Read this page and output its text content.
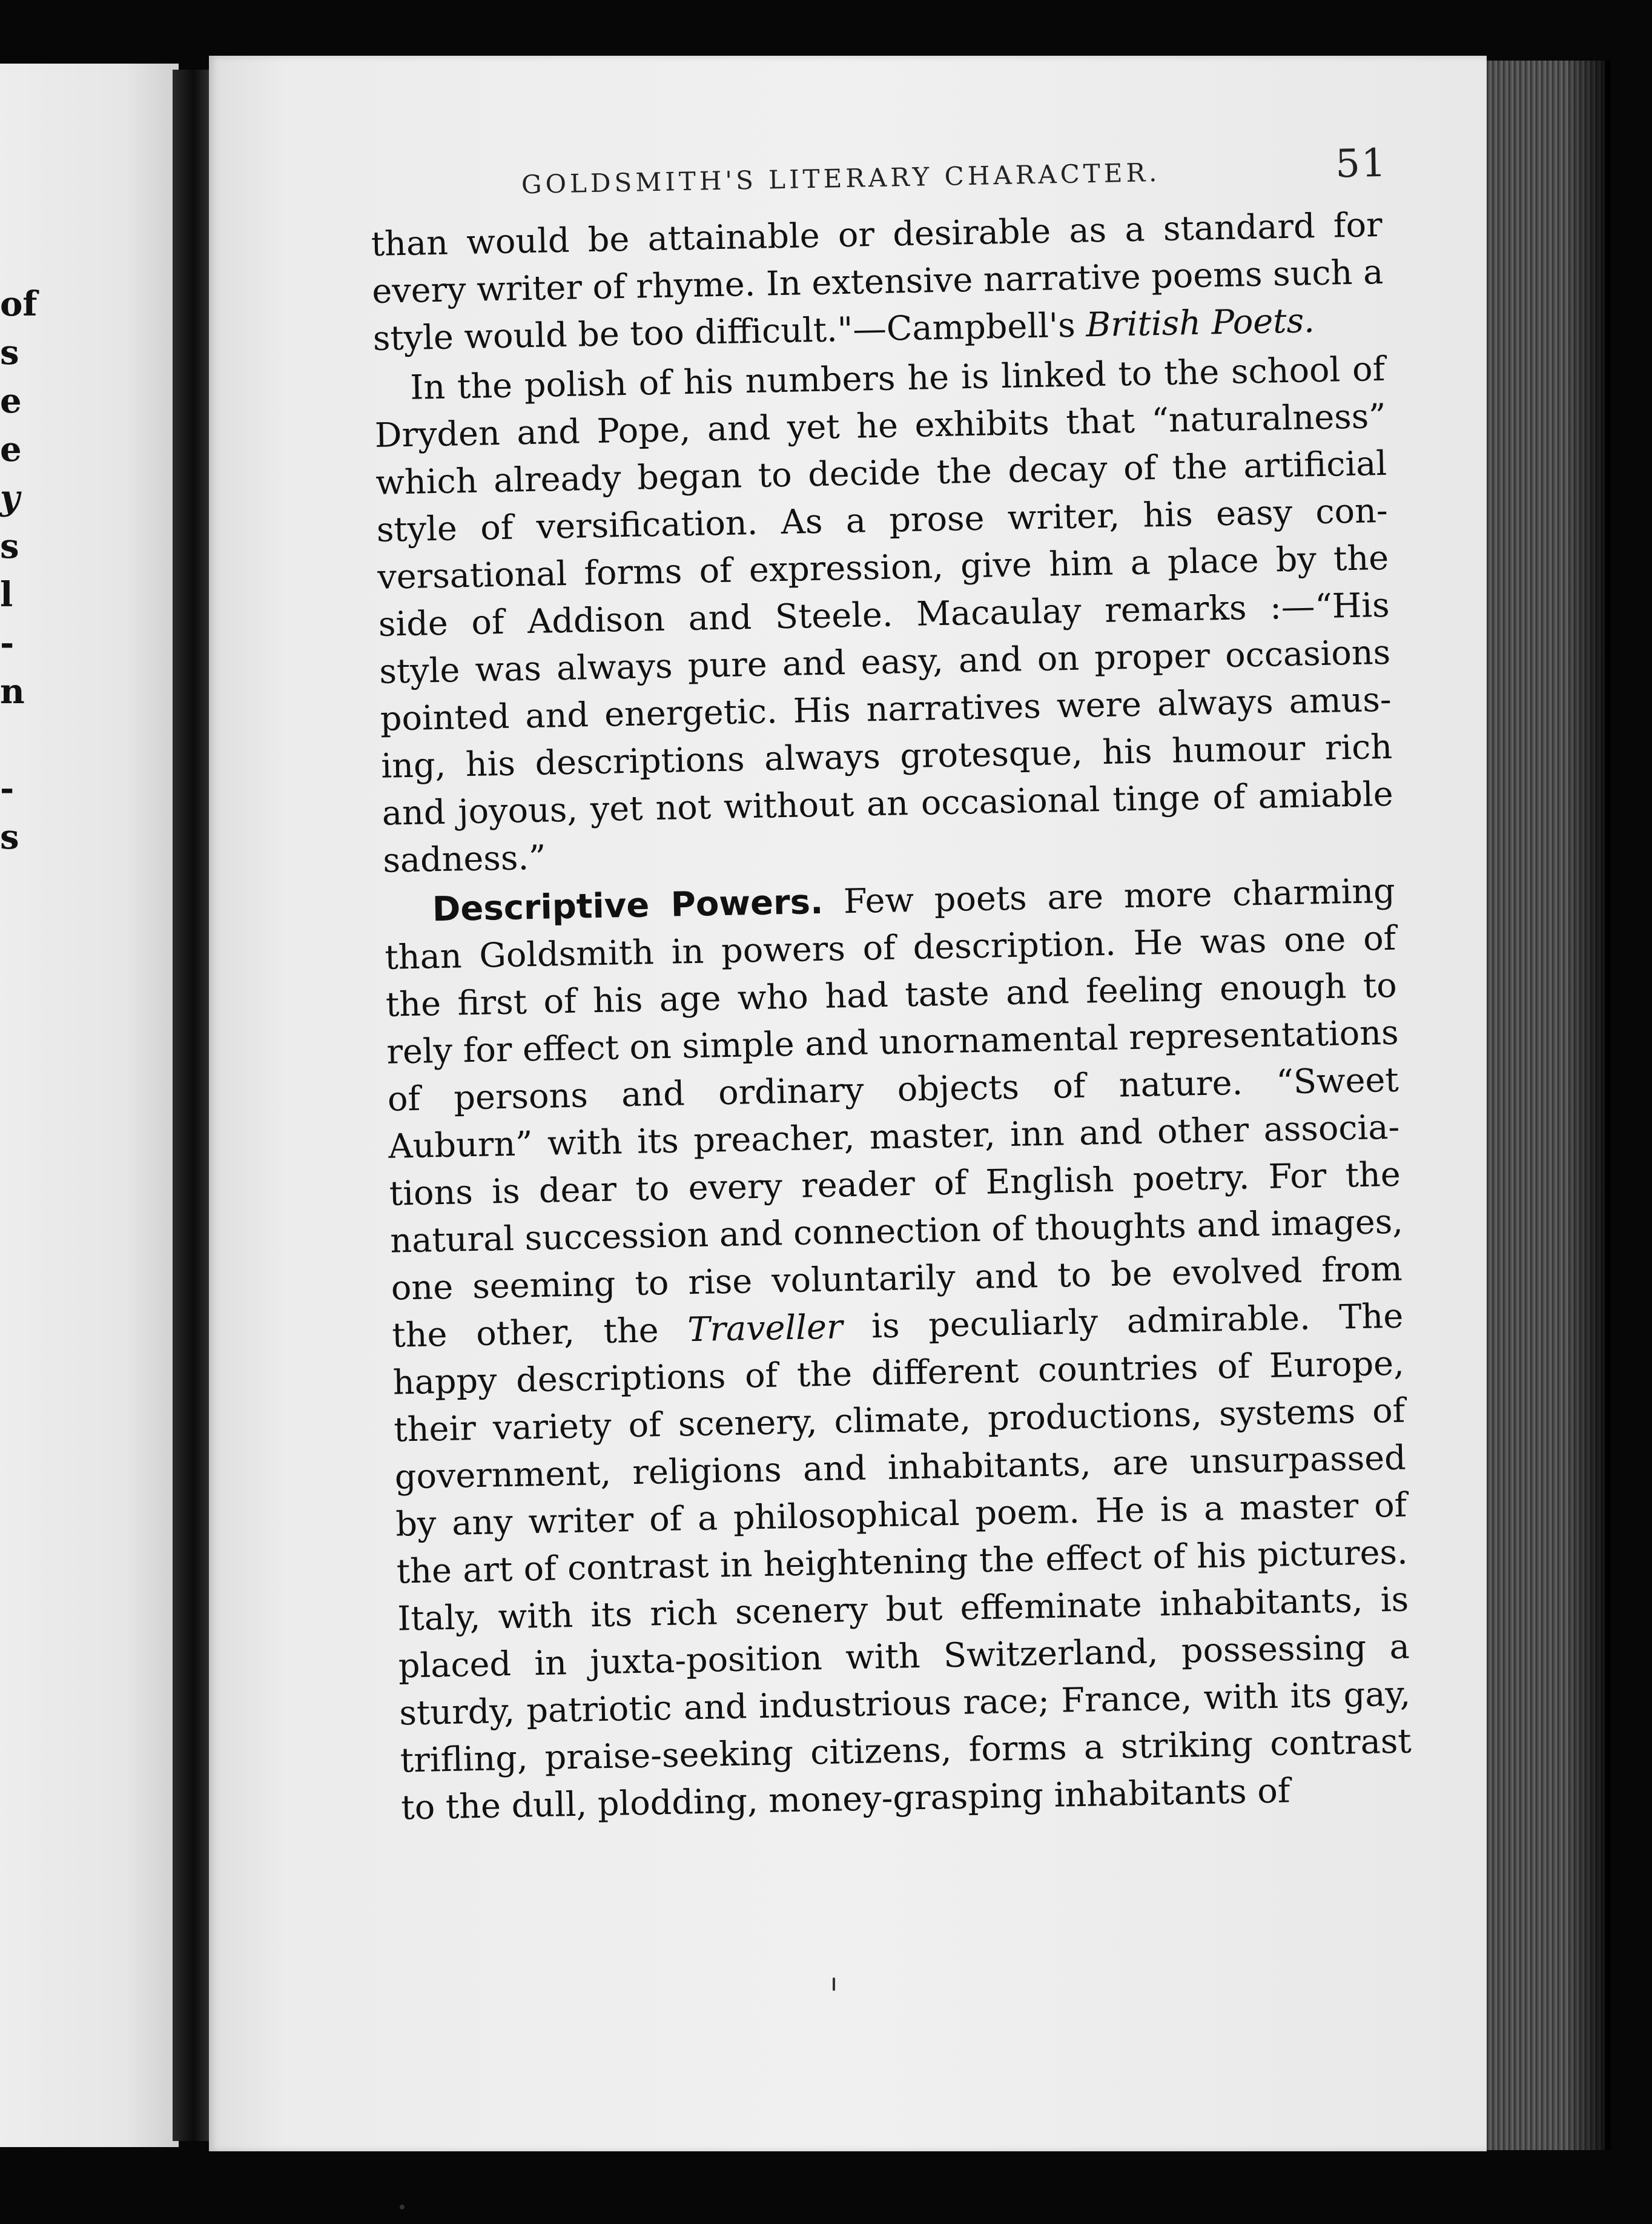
of
s
e
e
y
s
l
-
n
-
s
GOLDSMITH'S LITERARY CHARACTER.	51
than would be attainable or desirable as a standard for
every writer of rhyme. In extensive narrative poems such a
style would be too difficult."—Campbell's British Poets.
In the polish of his numbers he is linked to the school of
Dryden and Pope, and yet he exhibits that “naturalness”
which already began to decide the decay of the artificial
style of versification. As a prose writer, his easy con-
versational forms of expression, give him a place by the
side of Addison and Steele. Macaulay remarks :—“His
style was always pure and easy, and on proper occasions
pointed and energetic. His narratives were always amus-
ing, his descriptions always grotesque, his humour rich
and joyous, yet not without an occasional tinge of amiable
sadness.”
Descriptive Powers. Few poets are more charming
than Goldsmith in powers of description. He was one of
the first of his age who had taste and feeling enough to
rely for effect on simple and unornamental representations
of persons and ordinary objects of nature. “Sweet
Auburn” with its preacher, master, inn and other associa-
tions is dear to every reader of English poetry. For the
natural succession and connection of thoughts and images,
one seeming to rise voluntarily and to be evolved from
the other, the Traveller is peculiarly admirable. The
happy descriptions of the different countries of Europe,
their variety of scenery, climate, productions, systems of
government, religions and inhabitants, are unsurpassed
by any writer of a philosophical poem. He is a master of
the art of contrast in heightening the effect of his pictures.
Italy, with its rich scenery but effeminate inhabitants, is
placed in juxta-position with Switzerland, possessing a
sturdy, patriotic and industrious race; France, with its gay,
trifling, praise-seeking citizens, forms a striking contrast
to the dull, plodding, money-grasping inhabitants of
